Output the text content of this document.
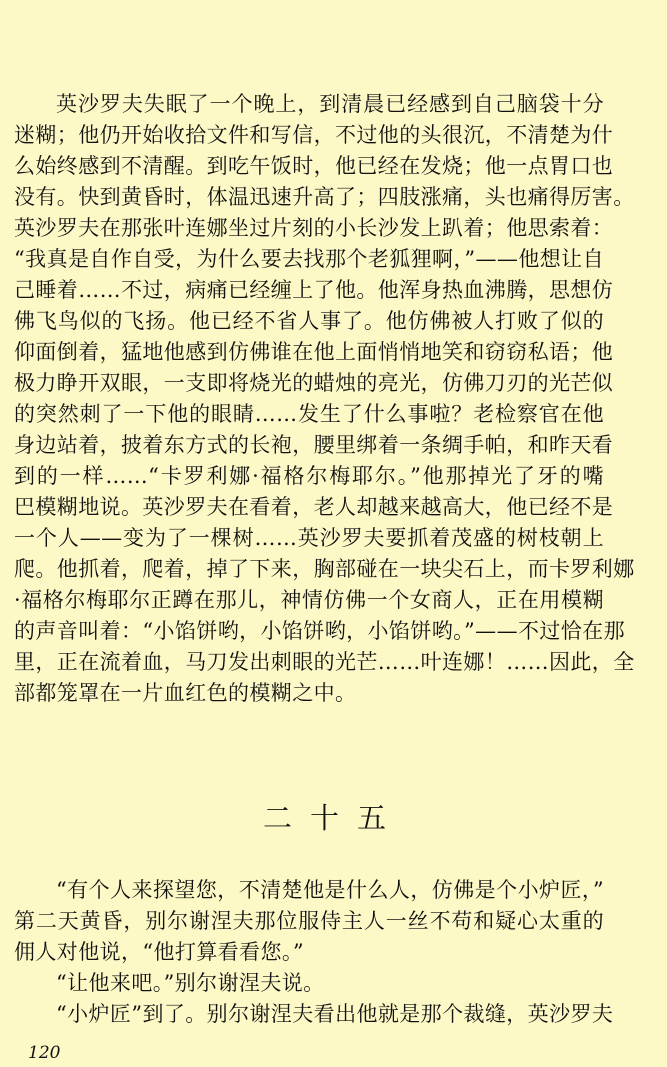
英沙罗夫失眠了一个晚上，到清晨已经感到自己脑袋十分
迷糊；他仍开始收拾文件和写信，不过他的头很沉，不清楚为什
么始终感到不清醒。到吃午饭时，他已经在发烧；他一点胃口也
没有。快到黄昏时，体温迅速升高了；四肢涨痛，头也痛得厉害。
英沙罗夫在那张叶连娜坐过片刻的小长沙发上趴着；他思索着：
“我真是自作自受，为什么要去找那个老狐狸啊，”——他想让自
己睡着……不过，病痛已经缠上了他。他浑身热血沸腾，思想仿
佛飞鸟似的飞扬。他已经不省人事了。他仿佛被人打败了似的
仰面倒着，猛地他感到仿佛谁在他上面悄悄地笑和窃窃私语；他
极力睁开双眼，一支即将烧光的蜡烛的亮光，仿佛刀刃的光芒似
的突然刺了一下他的眼睛……发生了什么事啦？老检察官在他
身边站着，披着东方式的长袍，腰里绑着一条绸手帕，和昨天看
到的一样……“卡罗利娜·福格尔梅耶尔。”他那掉光了牙的嘴
巴模糊地说。英沙罗夫在看着，老人却越来越高大，他已经不是
一个人——变为了一棵树……英沙罗夫要抓着茂盛的树枝朝上
爬。他抓着，爬着，掉了下来，胸部碰在一块尖石上，而卡罗利娜
·福格尔梅耶尔正蹲在那儿，神情仿佛一个女商人，正在用模糊
的声音叫着：“小馅饼哟，小馅饼哟，小馅饼哟。”——不过恰在那
里，正在流着血，马刀发出刺眼的光芒……叶连娜！……因此，全
部都笼罩在一片血红色的模糊之中。
二十五
“有个人来探望您，不清楚他是什么人，仿佛是个小炉匠，”
第二天黄昏，别尔谢涅夫那位服侍主人一丝不苟和疑心太重的
佣人对他说，“他打算看看您。”
“让他来吧。”别尔谢涅夫说。
“小炉匠”到了。别尔谢涅夫看出他就是那个裁缝，英沙罗夫
120
